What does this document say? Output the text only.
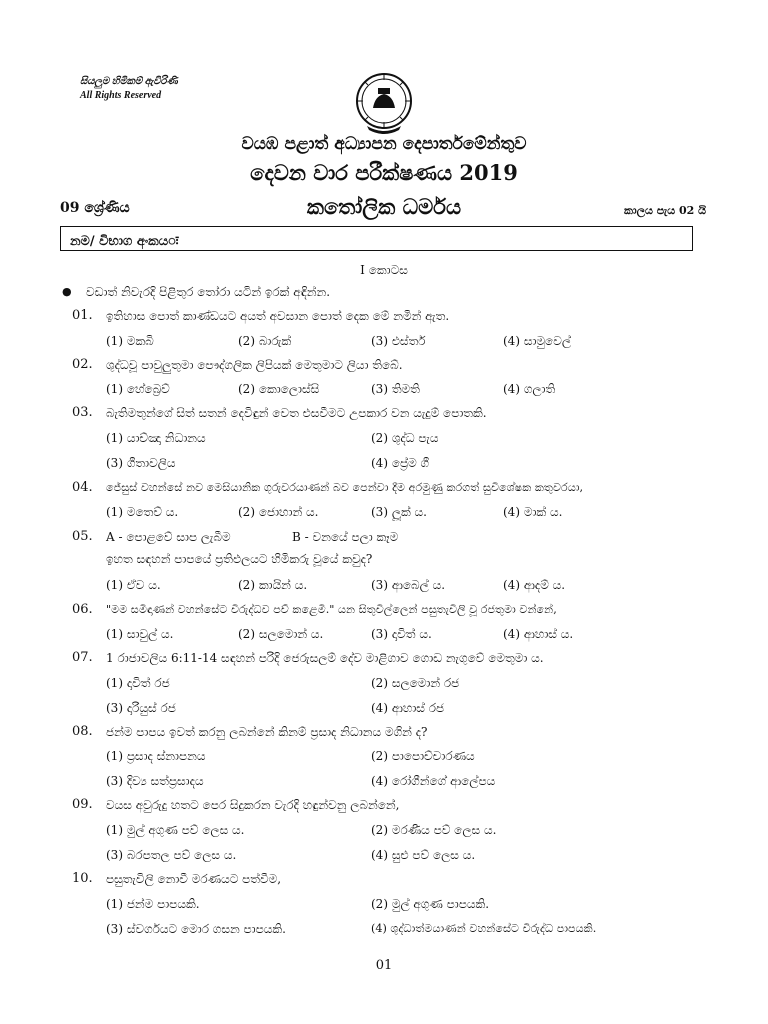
සියලුම හිමිකම් ඇවිරිණි
All Rights Reserved
වයඹ පළාත් අධ්‍යාපන දෙපාර්තමේන්තුව
දෙවන වාර පරීක්ෂණය 2019
09 ශ්‍රේණිය	කතෝලික ධර්මය	කාලය පැය 02 යි
නම/ විභාග අංකයः
I කොටස
● වඩාත් නිවැරදි පිළිතුර තෝරා යටින් ඉරක් අඳින්න.
01. ඉතිහාස පොත් කාණ්ඩයට අයත් අවසාන පොත් දෙක මේ නමින් ඇත.
(1) මකබි	(2) බාරුක්	(3) එස්තර්	(4) සාමුවෙල්
02. ශුද්ධවූ පාවුලුතුමා පෞද්ගලික ලිපියක් මෙතුමාට ලියා තිබේ.
(1) හේබ්‍රෙව්	(2) කොලොස්සි	(3) තිමති	(4) ගලාති
03. බැතිමතුන්ගේ සිත් සතන් දෙවිඳුන් වෙත එසවීමට උපකාර වන යැදුම් පොතකි.
(1) යාච්ඤා නිධානය	(2) ශුද්ධ පැය
(3) ගීතාවලිය	(4) ප්‍රේම ගී
04. ජේසුස් වහන්සේ නව මෙසියානික ගුරුවරයාණන් බව පෙන්වා දීම අරමුණු කරගත් සුවිශේෂක කතුවරයා,
(1) මතෙව් ය.	(2) ජොහාන් ය.	(3) ලූක් ය.	(4) මාක් ය.
05. A - පොළවේ සාප ලැබීම	B - වනයේ පලා කෑම
ඉහත සඳහන් පාපයේ ප්‍රතිඵලයට හිමිකරු වූයේ කවුද?
(1) ඒව ය.	(2) කායින් ය.	(3) ආබෙල් ය.	(4) ආදම් ය.
06. "මම සමිඳාණන් වහන්සේට විරුද්ධව පව් කළෙමි." යන සිතුවිල්ලෙන් පසුතැවිලි වූ රජතුමා වන්නේ,
(1) සාවුල් ය.	(2) සලමොන් ය.	(3) දාවිත් ය.	(4) ආහාස් ය.
07. 1 රාජාවලිය 6:11-14 සඳහන් පරිදි ජෙරුසලම් දේව මාළිගාව ගොඩ නැගුවේ මෙතුමා ය.
(1) දාවිත් රජ	(2) සලමොන් රජ
(3) දාරියුස් රජ	(4) ආහාස් රජ
08. ජන්ම පාපය ඉවත් කරනු ලබන්නේ කිනම් ප්‍රසාද නිධානය මගින් ද?
(1) ප්‍රසාද ස්නාපනය	(2) පාපොච්චාරණය
(3) දිව්‍ය සත්ප්‍රසාදය	(4) රෝගීන්ගේ ආලේපය
09. වයස අවුරුදු හතට පෙර සිදුකරන වැරදි හඳුන්වනු ලබන්නේ,
(1) මුල් අගුණ පව් ලෙස ය.	(2) මරණීය පව් ලෙස ය.
(3) බරපතල පව් ලෙස ය.	(4) සුළු පව් ලෙස ය.
10. පසුතැවිලි නොවී මරණයට පත්වීම,
(1) ජන්ම පාපයකි.	(2) මුල් අගුණ පාපයකි.
(3) ස්වර්ගයට මොර ගසන පාපයකි.	(4) ශුද්ධාත්මයාණන් වහන්සේට විරුද්ධ පාපයකි.
01
